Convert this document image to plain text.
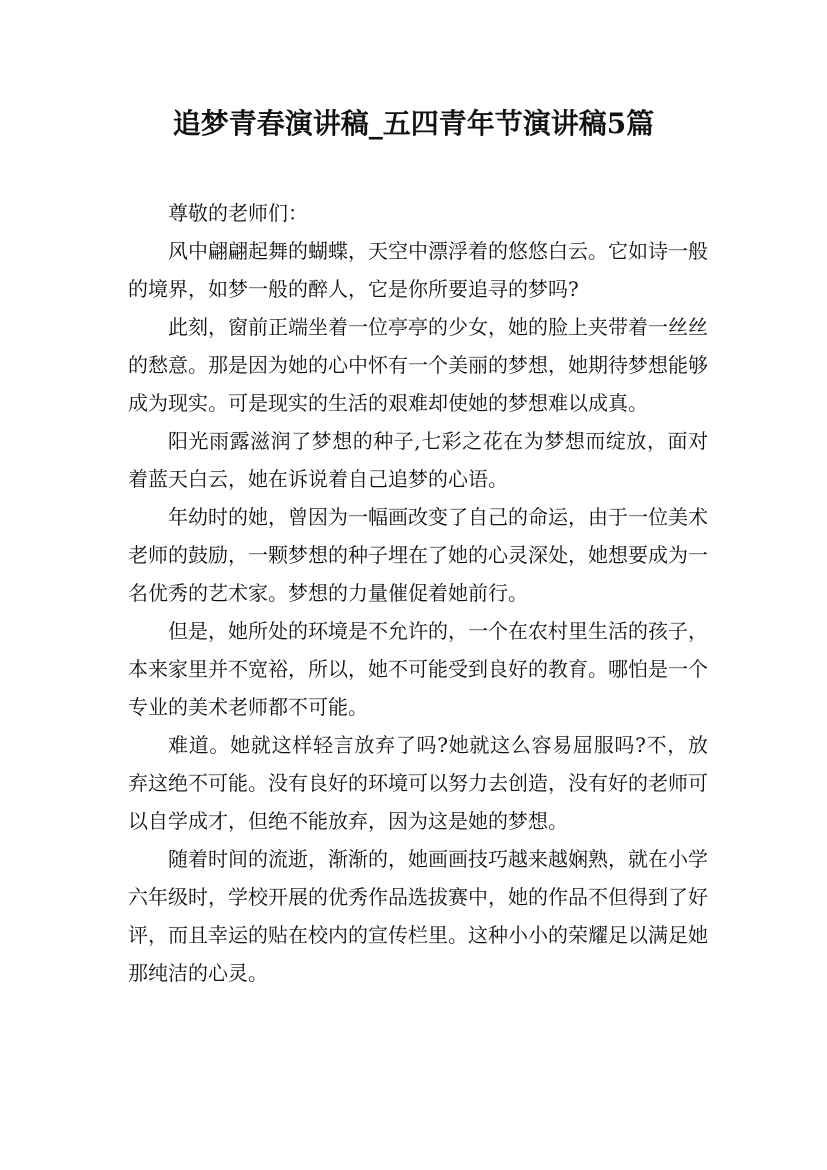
追梦青春演讲稿_五四青年节演讲稿5篇

尊敬的老师们：

风中翩翩起舞的蝴蝶，天空中漂浮着的悠悠白云。它如诗一般的境界，如梦一般的醉人，它是你所要追寻的梦吗?

此刻，窗前正端坐着一位亭亭的少女，她的脸上夹带着一丝丝的愁意。那是因为她的心中怀有一个美丽的梦想，她期待梦想能够成为现实。可是现实的生活的艰难却使她的梦想难以成真。

阳光雨露滋润了梦想的种子,七彩之花在为梦想而绽放，面对着蓝天白云，她在诉说着自己追梦的心语。

年幼时的她，曾因为一幅画改变了自己的命运，由于一位美术老师的鼓励，一颗梦想的种子埋在了她的心灵深处，她想要成为一名优秀的艺术家。梦想的力量催促着她前行。

但是，她所处的环境是不允许的，一个在农村里生活的孩子，本来家里并不宽裕，所以，她不可能受到良好的教育。哪怕是一个专业的美术老师都不可能。

难道。她就这样轻言放弃了吗?她就这么容易屈服吗?不，放弃这绝不可能。没有良好的环境可以努力去创造，没有好的老师可以自学成才，但绝不能放弃，因为这是她的梦想。

随着时间的流逝，渐渐的，她画画技巧越来越娴熟，就在小学六年级时，学校开展的优秀作品选拔赛中，她的作品不但得到了好评，而且幸运的贴在校内的宣传栏里。这种小小的荣耀足以满足她那纯洁的心灵。
